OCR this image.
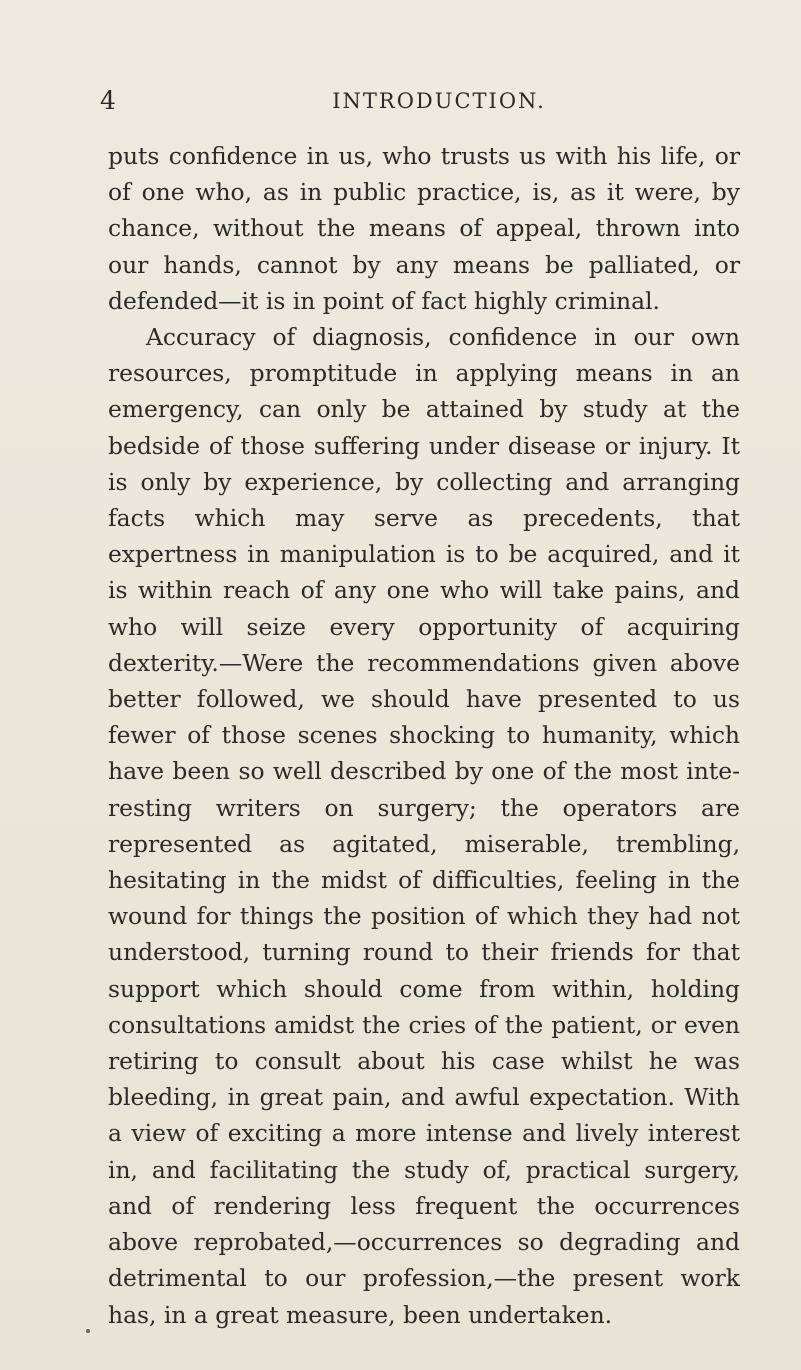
4	INTRODUCTION.

puts confidence in us, who trusts us with his life, or of one who, as in public practice, is, as it were, by chance, without the means of appeal, thrown into our hands, cannot by any means be palliated, or defended—it is in point of fact highly criminal.

Accuracy of diagnosis, confidence in our own resources, promptitude in applying means in an emergency, can only be attained by study at the bedside of those suffering under disease or injury. It is only by experience, by collecting and arranging facts which may serve as precedents, that expertness in manipulation is to be acquired, and it is within reach of any one who will take pains, and who will seize every opportunity of acquiring dexterity.—Were the recommendations given above better followed, we should have presented to us fewer of those scenes shocking to humanity, which have been so well described by one of the most interesting writers on surgery; the operators are represented as agitated, miserable, trembling, hesitating in the midst of difficulties, feeling in the wound for things the position of which they had not understood, turning round to their friends for that support which should come from within, holding consultations amidst the cries of the patient, or even retiring to consult about his case whilst he was bleeding, in great pain, and awful expectation. With a view of exciting a more intense and lively interest in, and facilitating the study of, practical surgery, and of rendering less frequent the occurrences above reprobated,—occurrences so degrading and detrimental to our profession,—the present work has, in a great measure, been undertaken.
